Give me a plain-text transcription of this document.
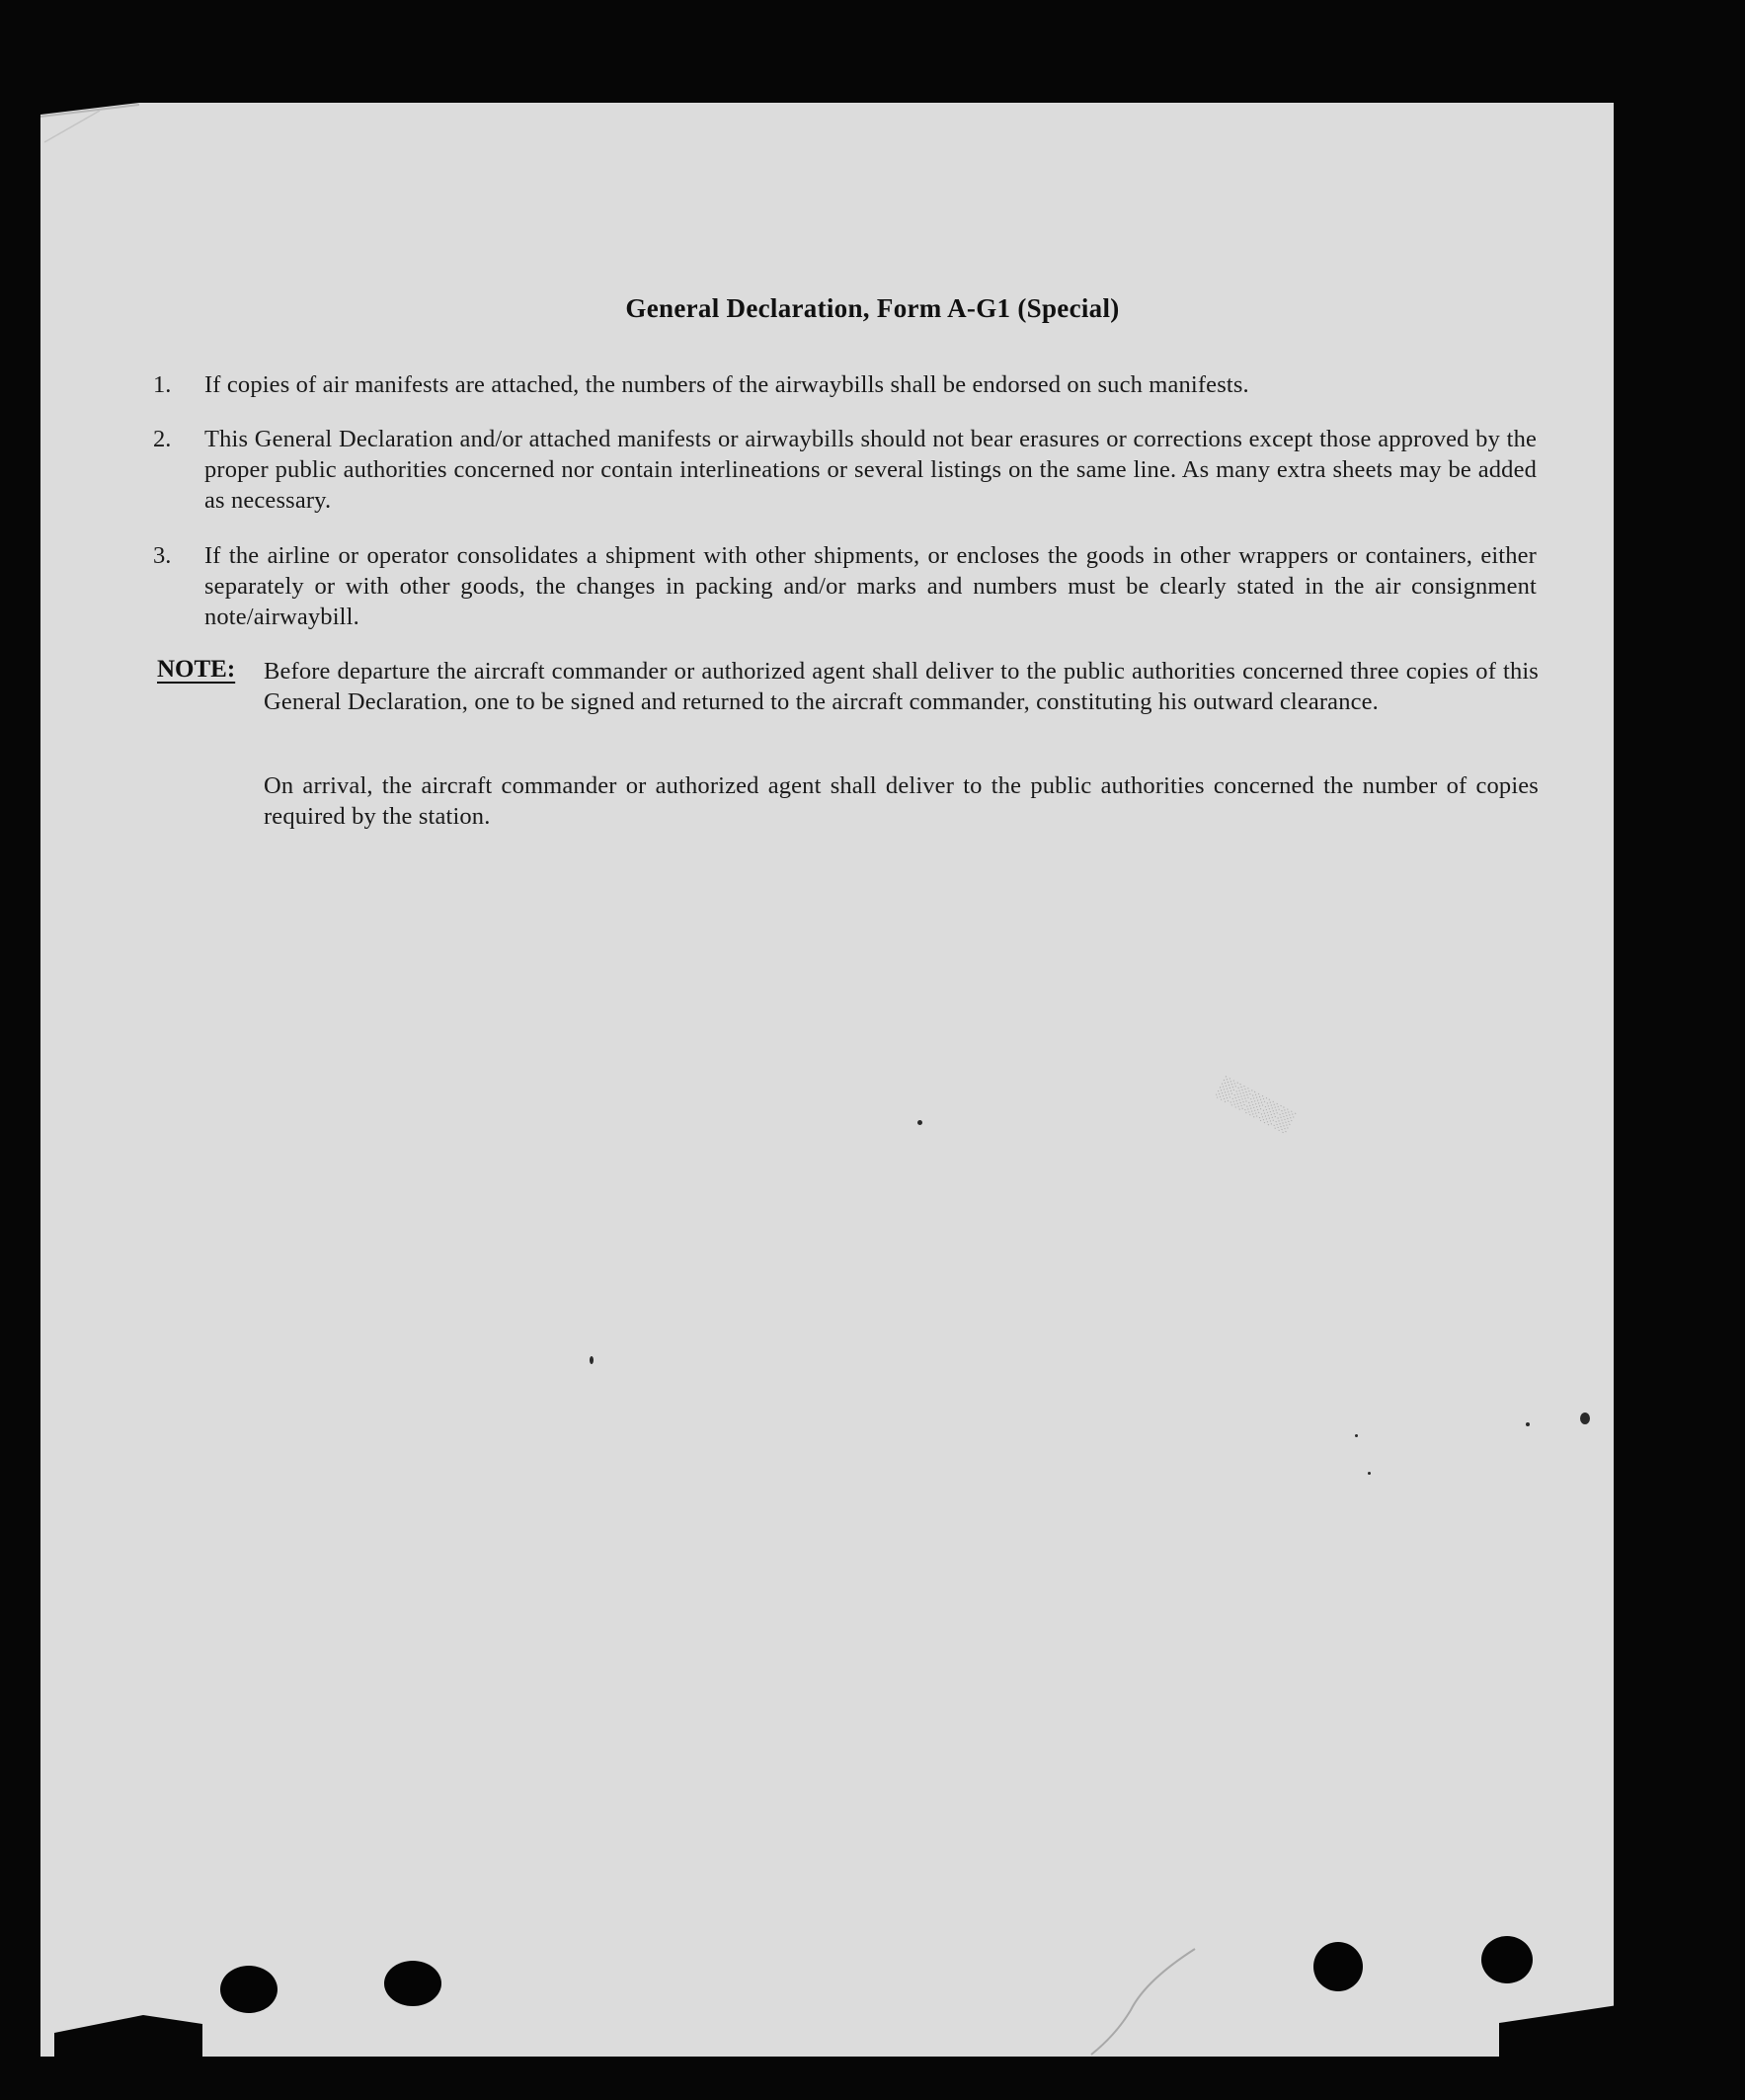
General Declaration, Form A-G1 (Special)
1. If copies of air manifests are attached, the numbers of the airwaybills shall be endorsed on such manifests.
2. This General Declaration and/or attached manifests or airwaybills should not bear erasures or corrections except those approved by the proper public authorities concerned nor contain interlineations or several listings on the same line. As many extra sheets may be added as necessary.
3. If the airline or operator consolidates a shipment with other shipments, or encloses the goods in other wrappers or containers, either separately or with other goods, the changes in packing and/or marks and numbers must be clearly stated in the air consignment note/airwaybill.
NOTE: Before departure the aircraft commander or authorized agent shall deliver to the public authorities concerned three copies of this General Declaration, one to be signed and returned to the aircraft commander, constituting his outward clearance.
On arrival, the aircraft commander or authorized agent shall deliver to the public authorities concerned the number of copies required by the station.
░░░░░
